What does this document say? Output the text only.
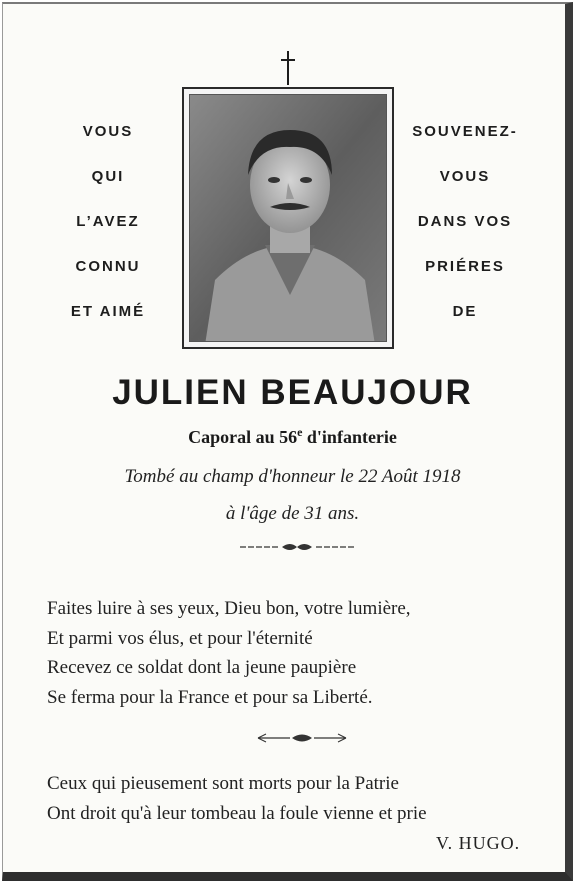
VOUS
QUI
L’AVEZ
CONNU
ET AIMÉ
SOUVENEZ-
VOUS
DANS VOS
PRIÉRES
DE
JULIEN BEAUJOUR
Caporal au 56e d'infanterie
Tombé au champ d'honneur le 22 Août 1918
à l'âge de 31 ans.
Faites luire à ses yeux, Dieu bon, votre lumière,
Et parmi vos élus, et pour l'éternité
Recevez ce soldat dont la jeune paupière
Se ferma pour la France et pour sa Liberté.
Ceux qui pieusement sont morts pour la Patrie
Ont droit qu'à leur tombeau la foule vienne et prie
V. HUGO.
